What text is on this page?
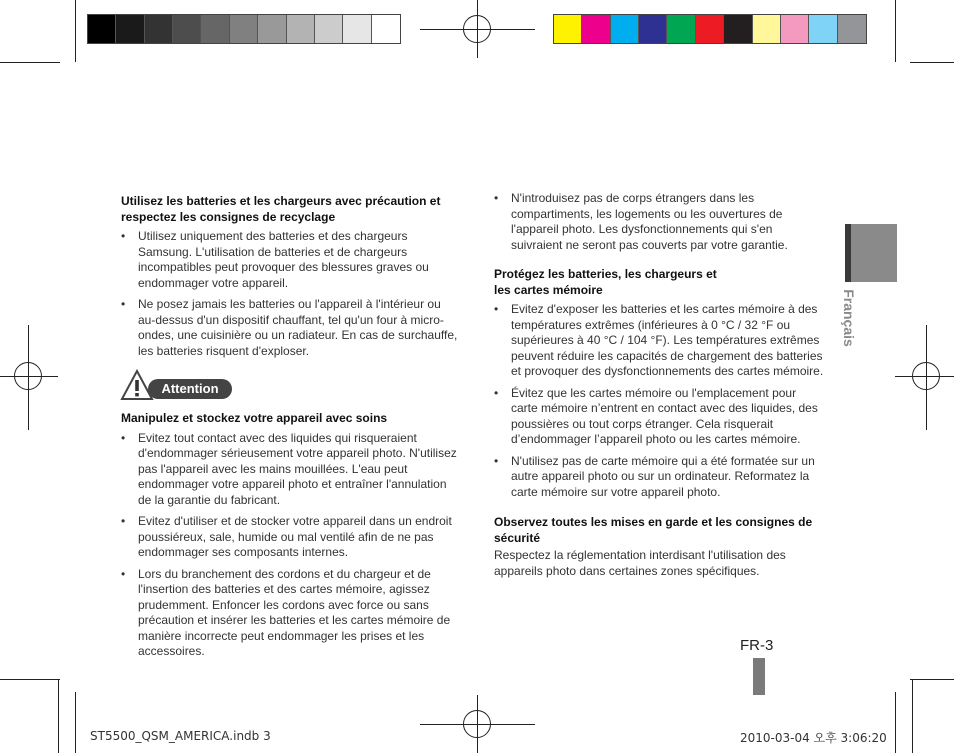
Utilisez les batteries et les chargeurs avec précaution et respectez les consignes de recyclage

• Utilisez uniquement des batteries et des chargeurs Samsung. L'utilisation de batteries et de chargeurs incompatibles peut provoquer des blessures graves ou endommager votre appareil.
• Ne posez jamais les batteries ou l'appareil à l'intérieur ou au-dessus d'un dispositif chauffant, tel qu'un four à micro-ondes, une cuisinière ou un radiateur. En cas de surchauffe, les batteries risquent d'exploser.
Attention

Manipulez et stockez votre appareil avec soins

• Evitez tout contact avec des liquides qui risqueraient d'endommager sérieusement votre appareil photo. N'utilisez pas l'appareil avec les mains mouillées. L'eau peut endommager votre appareil photo et entraîner l'annulation de la garantie du fabricant.
• Evitez d'utiliser et de stocker votre appareil dans un endroit poussiéreux, sale, humide ou mal ventilé afin de ne pas endommager ses composants internes.
• Lors du branchement des cordons et du chargeur et de l'insertion des batteries et des cartes mémoire, agissez prudemment. Enfoncer les cordons avec force ou sans précaution et insérer les batteries et les cartes mémoire de manière incorrecte peut endommager les prises et les accessoires.
• N'introduisez pas de corps étrangers dans les compartiments, les logements ou les ouvertures de l'appareil photo. Les dysfonctionnements qui s'en suivraient ne seront pas couverts par votre garantie.

Protégez les batteries, les chargeurs et les cartes mémoire

• Evitez d'exposer les batteries et les cartes mémoire à des températures extrêmes (inférieures à 0 °C / 32 °F ou supérieures à 40 °C / 104 °F). Les températures extrêmes peuvent réduire les capacités de chargement des batteries et provoquer des dysfonctionnements des cartes mémoire.
• Évitez que les cartes mémoire ou l'emplacement pour carte mémoire n’entrent en contact avec des liquides, des poussières ou tout corps étranger. Cela risquerait d’endommager l’appareil photo ou les cartes mémoire.
• N'utilisez pas de carte mémoire qui a été formatée sur un autre appareil photo ou sur un ordinateur. Reformatez la carte mémoire sur votre appareil photo.

Observez toutes les mises en garde et les consignes de sécurité

Respectez la réglementation interdisant l'utilisation des appareils photo dans certaines zones spécifiques.

Français
FR-3
ST5500_QSM_AMERICA.indb 3	2010-03-04 오후 3:06:20
